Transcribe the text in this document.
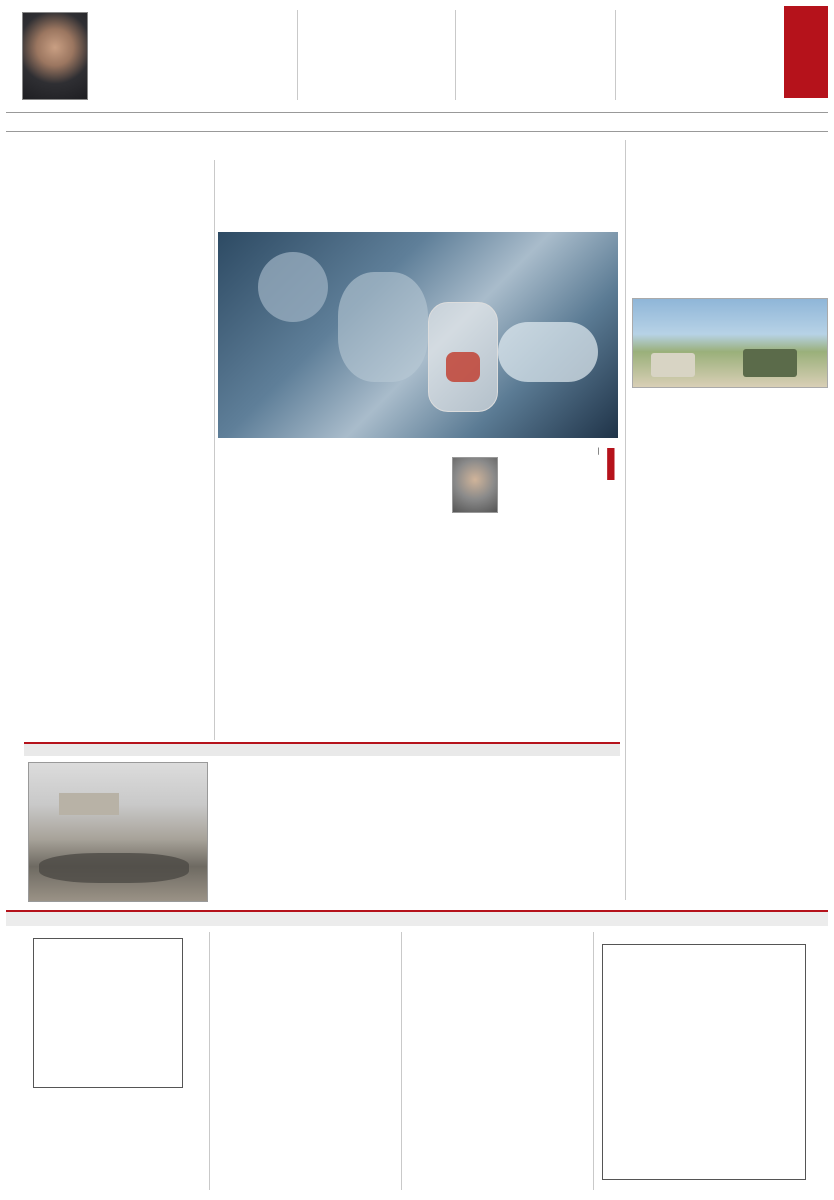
ا
|
